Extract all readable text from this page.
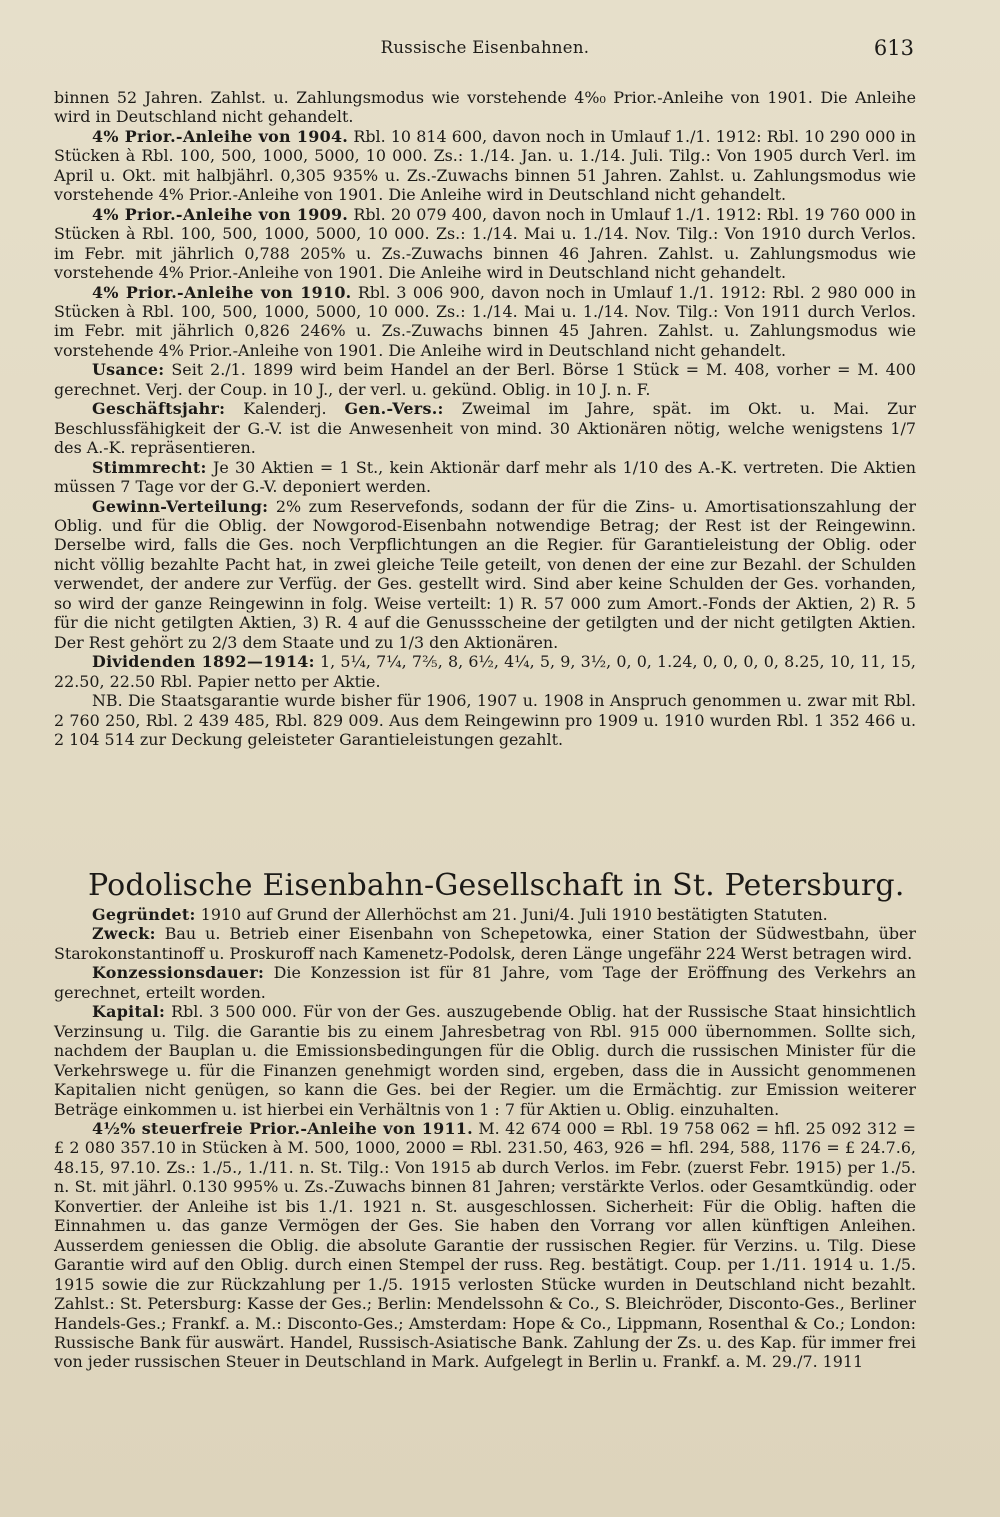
Russische Eisenbahnen.	613

binnen 52 Jahren. Zahlst. u. Zahlungsmodus wie vorstehende 4%₀ Prior.-Anleihe von 1901. Die Anleihe wird in Deutschland nicht gehandelt.

4% Prior.-Anleihe von 1904. Rbl. 10 814 600, davon noch in Umlauf 1./1. 1912: Rbl. 10 290 000 in Stücken à Rbl. 100, 500, 1000, 5000, 10 000. Zs.: 1./14. Jan. u. 1./14. Juli. Tilg.: Von 1905 durch Verl. im April u. Okt. mit halbjährl. 0,305 935% u. Zs.-Zuwachs binnen 51 Jahren. Zahlst. u. Zahlungsmodus wie vorstehende 4% Prior.-Anleihe von 1901. Die Anleihe wird in Deutschland nicht gehandelt.

4% Prior.-Anleihe von 1909. Rbl. 20 079 400, davon noch in Umlauf 1./1. 1912: Rbl. 19 760 000 in Stücken à Rbl. 100, 500, 1000, 5000, 10 000. Zs.: 1./14. Mai u. 1./14. Nov. Tilg.: Von 1910 durch Verlos. im Febr. mit jährlich 0,788 205% u. Zs.-Zuwachs binnen 46 Jahren. Zahlst. u. Zahlungsmodus wie vorstehende 4% Prior.-Anleihe von 1901. Die Anleihe wird in Deutschland nicht gehandelt.

4% Prior.-Anleihe von 1910. Rbl. 3 006 900, davon noch in Umlauf 1./1. 1912: Rbl. 2 980 000 in Stücken à Rbl. 100, 500, 1000, 5000, 10 000. Zs.: 1./14. Mai u. 1./14. Nov. Tilg.: Von 1911 durch Verlos. im Febr. mit jährlich 0,826 246% u. Zs.-Zuwachs binnen 45 Jahren. Zahlst. u. Zahlungsmodus wie vorstehende 4% Prior.-Anleihe von 1901. Die Anleihe wird in Deutschland nicht gehandelt.

Usance: Seit 2./1. 1899 wird beim Handel an der Berl. Börse 1 Stück = M. 408, vorher = M. 400 gerechnet. Verj. der Coup. in 10 J., der verl. u. gekünd. Oblig. in 10 J. n. F.

Geschäftsjahr: Kalenderj. Gen.-Vers.: Zweimal im Jahre, spät. im Okt. u. Mai. Zur Beschlussfähigkeit der G.-V. ist die Anwesenheit von mind. 30 Aktionären nötig, welche wenigstens 1/7 des A.-K. repräsentieren.

Stimmrecht: Je 30 Aktien = 1 St., kein Aktionär darf mehr als 1/10 des A.-K. vertreten. Die Aktien müssen 7 Tage vor der G.-V. deponiert werden.

Gewinn-Verteilung: 2% zum Reservefonds, sodann der für die Zins- u. Amortisationszahlung der Oblig. und für die Oblig. der Nowgorod-Eisenbahn notwendige Betrag; der Rest ist der Reingewinn. Derselbe wird, falls die Ges. noch Verpflichtungen an die Regier. für Garantieleistung der Oblig. oder nicht völlig bezahlte Pacht hat, in zwei gleiche Teile geteilt, von denen der eine zur Bezahl. der Schulden verwendet, der andere zur Verfüg. der Ges. gestellt wird. Sind aber keine Schulden der Ges. vorhanden, so wird der ganze Reingewinn in folg. Weise verteilt: 1) R. 57 000 zum Amort.-Fonds der Aktien, 2) R. 5 für die nicht getilgten Aktien, 3) R. 4 auf die Genussscheine der getilgten und der nicht getilgten Aktien. Der Rest gehört zu 2/3 dem Staate und zu 1/3 den Aktionären.

Dividenden 1892—1914: 1, 5¼, 7¼, 7⅖, 8, 6½, 4¼, 5, 9, 3½, 0, 0, 1.24, 0, 0, 0, 0, 8.25, 10, 11, 15, 22.50, 22.50 Rbl. Papier netto per Aktie.

NB. Die Staatsgarantie wurde bisher für 1906, 1907 u. 1908 in Anspruch genommen u. zwar mit Rbl. 2 760 250, Rbl. 2 439 485, Rbl. 829 009. Aus dem Reingewinn pro 1909 u. 1910 wurden Rbl. 1 352 466 u. 2 104 514 zur Deckung geleisteter Garantieleistungen gezahlt.

Podolische Eisenbahn-Gesellschaft in St. Petersburg.

Gegründet: 1910 auf Grund der Allerhöchst am 21. Juni/4. Juli 1910 bestätigten Statuten.

Zweck: Bau u. Betrieb einer Eisenbahn von Schepetowka, einer Station der Südwestbahn, über Starokonstantinoff u. Proskuroff nach Kamenetz-Podolsk, deren Länge ungefähr 224 Werst betragen wird.

Konzessionsdauer: Die Konzession ist für 81 Jahre, vom Tage der Eröffnung des Verkehrs an gerechnet, erteilt worden.

Kapital: Rbl. 3 500 000. Für von der Ges. auszugebende Oblig. hat der Russische Staat hinsichtlich Verzinsung u. Tilg. die Garantie bis zu einem Jahresbetrag von Rbl. 915 000 übernommen. Sollte sich, nachdem der Bauplan u. die Emissionsbedingungen für die Oblig. durch die russischen Minister für die Verkehrswege u. für die Finanzen genehmigt worden sind, ergeben, dass die in Aussicht genommenen Kapitalien nicht genügen, so kann die Ges. bei der Regier. um die Ermächtig. zur Emission weiterer Beträge einkommen u. ist hierbei ein Verhältnis von 1 : 7 für Aktien u. Oblig. einzuhalten.

4½% steuerfreie Prior.-Anleihe von 1911. M. 42 674 000 = Rbl. 19 758 062 = hfl. 25 092 312 = £ 2 080 357.10 in Stücken à M. 500, 1000, 2000 = Rbl. 231.50, 463, 926 = hfl. 294, 588, 1176 = £ 24.7.6, 48.15, 97.10. Zs.: 1./5., 1./11. n. St. Tilg.: Von 1915 ab durch Verlos. im Febr. (zuerst Febr. 1915) per 1./5. n. St. mit jährl. 0.130 995% u. Zs.-Zuwachs binnen 81 Jahren; verstärkte Verlos. oder Gesamtkündig. oder Konvertier. der Anleihe ist bis 1./1. 1921 n. St. ausgeschlossen. Sicherheit: Für die Oblig. haften die Einnahmen u. das ganze Vermögen der Ges. Sie haben den Vorrang vor allen künftigen Anleihen. Ausserdem geniessen die Oblig. die absolute Garantie der russischen Regier. für Verzins. u. Tilg. Diese Garantie wird auf den Oblig. durch einen Stempel der russ. Reg. bestätigt. Coup. per 1./11. 1914 u. 1./5. 1915 sowie die zur Rückzahlung per 1./5. 1915 verlosten Stücke wurden in Deutschland nicht bezahlt. Zahlst.: St. Petersburg: Kasse der Ges.; Berlin: Mendelssohn & Co., S. Bleichröder, Disconto-Ges., Berliner Handels-Ges.; Frankf. a. M.: Disconto-Ges.; Amsterdam: Hope & Co., Lippmann, Rosenthal & Co.; London: Russische Bank für auswärt. Handel, Russisch-Asiatische Bank. Zahlung der Zs. u. des Kap. für immer frei von jeder russischen Steuer in Deutschland in Mark. Aufgelegt in Berlin u. Frankf. a. M. 29./7. 1911
